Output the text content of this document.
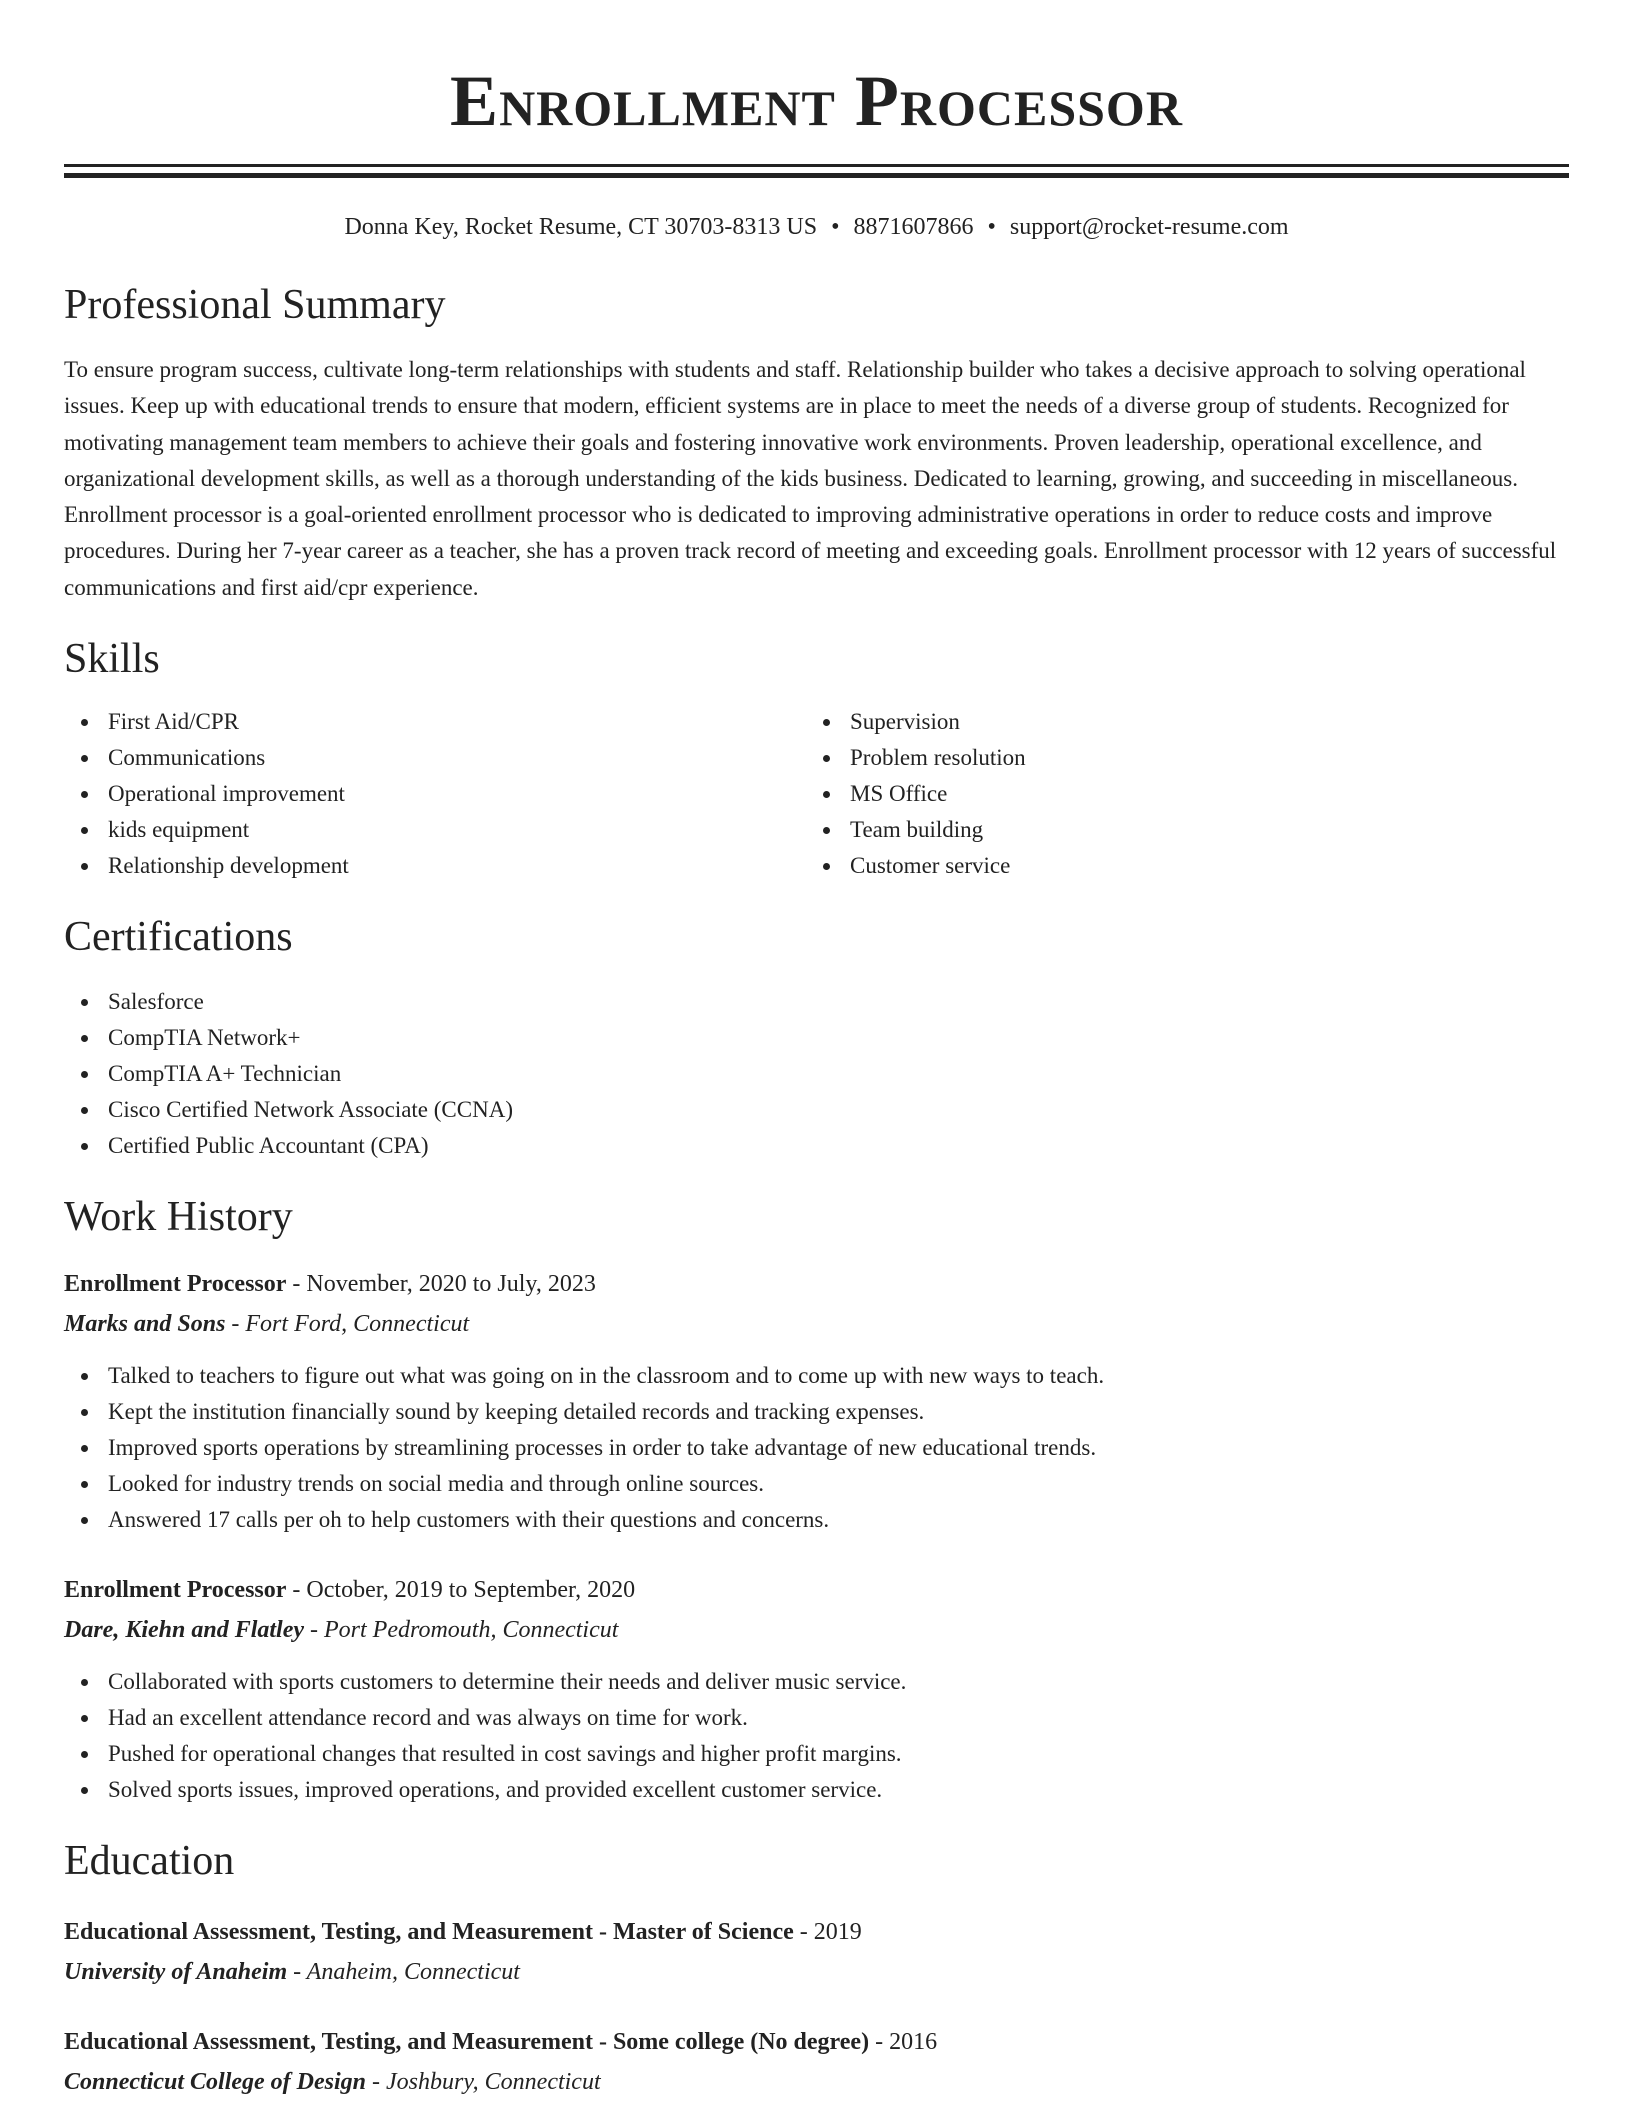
Enrollment Processor
Donna Key, Rocket Resume, CT 30703-8313 US • 8871607866 • support@rocket-resume.com
Professional Summary

To ensure program success, cultivate long-term relationships with students and staff. Relationship builder who takes a decisive approach to solving operational issues. Keep up with educational trends to ensure that modern, efficient systems are in place to meet the needs of a diverse group of students. Recognized for motivating management team members to achieve their goals and fostering innovative work environments. Proven leadership, operational excellence, and organizational development skills, as well as a thorough understanding of the kids business. Dedicated to learning, growing, and succeeding in miscellaneous. Enrollment processor is a goal-oriented enrollment processor who is dedicated to improving administrative operations in order to reduce costs and improve procedures. During her 7-year career as a teacher, she has a proven track record of meeting and exceeding goals. Enrollment processor with 12 years of successful communications and first aid/cpr experience.

Skills
First Aid/CPR
Communications
Operational improvement
kids equipment
Relationship development
Supervision
Problem resolution
MS Office
Team building
Customer service
Certifications
Salesforce
CompTIA Network+
CompTIA A+ Technician
Cisco Certified Network Associate (CCNA)
Certified Public Accountant (CPA)
Work History
Enrollment Processor - November, 2020 to July, 2023
Marks and Sons - Fort Ford, Connecticut
Talked to teachers to figure out what was going on in the classroom and to come up with new ways to teach.
Kept the institution financially sound by keeping detailed records and tracking expenses.
Improved sports operations by streamlining processes in order to take advantage of new educational trends.
Looked for industry trends on social media and through online sources.
Answered 17 calls per oh to help customers with their questions and concerns.
Enrollment Processor - October, 2019 to September, 2020
Dare, Kiehn and Flatley - Port Pedromouth, Connecticut
Collaborated with sports customers to determine their needs and deliver music service.
Had an excellent attendance record and was always on time for work.
Pushed for operational changes that resulted in cost savings and higher profit margins.
Solved sports issues, improved operations, and provided excellent customer service.
Education
Educational Assessment, Testing, and Measurement - Master of Science - 2019
University of Anaheim - Anaheim, Connecticut
Educational Assessment, Testing, and Measurement - Some college (No degree) - 2016
Connecticut College of Design - Joshbury, Connecticut
